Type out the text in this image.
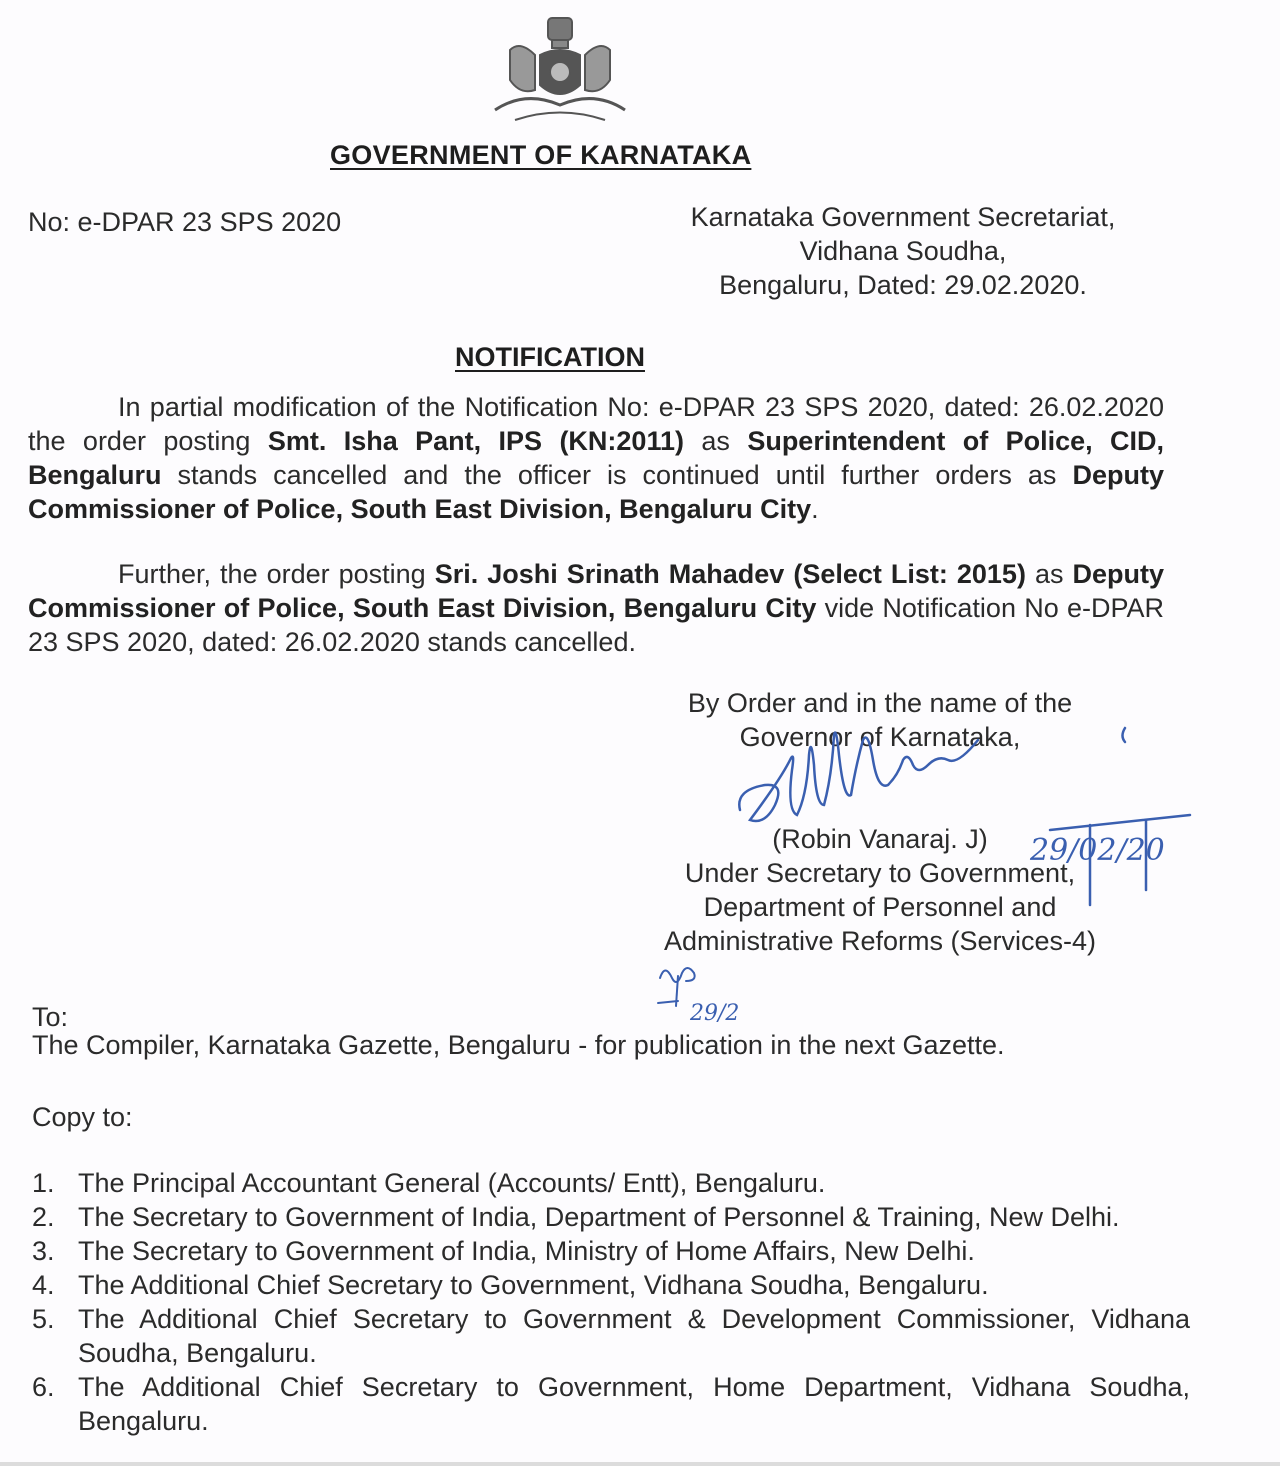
GOVERNMENT OF KARNATAKA
No: e-DPAR 23 SPS 2020	Karnataka Government Secretariat,
Vidhana Soudha,
Bengaluru, Dated: 29.02.2020.
NOTIFICATION
In partial modification of the Notification No: e-DPAR 23 SPS 2020, dated: 26.02.2020 the order posting Smt. Isha Pant, IPS (KN:2011) as Superintendent of Police, CID, Bengaluru stands cancelled and the officer is continued until further orders as Deputy Commissioner of Police, South East Division, Bengaluru City.
Further, the order posting Sri. Joshi Srinath Mahadev (Select List: 2015) as Deputy Commissioner of Police, South East Division, Bengaluru City vide Notification No e-DPAR 23 SPS 2020, dated: 26.02.2020 stands cancelled.
By Order and in the name of the
Governor of Karnataka,

(Robin Vanaraj. J)
Under Secretary to Government,
Department of Personnel and
Administrative Reforms (Services-4)
29/02/20
29/2
To:
The Compiler, Karnataka Gazette, Bengaluru - for publication in the next Gazette.
Copy to:
1. The Principal Accountant General (Accounts/ Entt), Bengaluru.
2. The Secretary to Government of India, Department of Personnel & Training, New Delhi.
3. The Secretary to Government of India, Ministry of Home Affairs, New Delhi.
4. The Additional Chief Secretary to Government, Vidhana Soudha, Bengaluru.
5. The Additional Chief Secretary to Government & Development Commissioner, Vidhana Soudha, Bengaluru.
6. The Additional Chief Secretary to Government, Home Department, Vidhana Soudha, Bengaluru.
